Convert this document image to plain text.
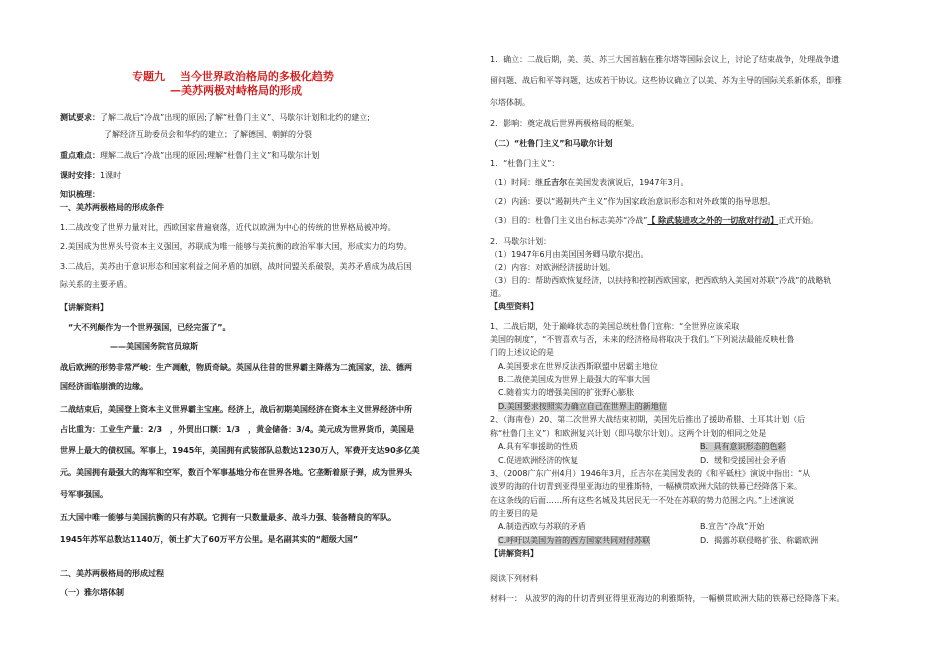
专题九　 当今世界政治格局的多极化趋势
—美苏两极对峙格局的形成
测试要求：了解二战后“冷战”出现的原因;了解“杜鲁门主义”、马歇尔计划和北约的建立;
了解经济互助委员会和华约的建立；了解德国、朝鲜的分裂
重点难点：理解二战后“冷战”出现的原因;理解“杜鲁门主义”和马歇尔计划
课时安排：1课时
知识梳理：
一、美苏两极格局的形成条件
1.二战改变了世界力量对比，西欧国家普遍衰落，近代以欧洲为中心的传统的世界格局被冲垮。
2.美国成为世界头号资本主义强国，苏联成为唯一能够与美抗衡的政治军事大国，形成实力的均势。
3.二战后，美苏由于意识形态和国家利益之间矛盾的加剧，战时同盟关系破裂，美苏矛盾成为战后国
际关系的主要矛盾。
【讲解资料】
“大不列颠作为一个世界强国，已经完蛋了”。
——美国国务院官员琼斯
战后欧洲的形势非常严峻：生产凋敝，物质奇缺。英国从往昔的世界霸主降落为二流国家，法、德两
国经济面临崩溃的边缘。
二战结束后，美国登上资本主义世界霸主宝座。经济上，战后初期美国经济在资本主义世界经济中所
占比重为：工业生产量：2/3　，外贸出口额：1/3　，黄金储备：3/4。美元成为世界货币，美国是
世界上最大的债权国。军事上，1945年，美国拥有武装部队总数达1230万人，军费开支达90多亿美
元。美国拥有最强大的海军和空军，数百个军事基地分布在世界各地。它垄断着原子弹，成为世界头
号军事强国。
五大国中唯一能够与美国抗衡的只有苏联。它拥有一只数量最多、战斗力强、装备精良的军队。
1945年苏军总数达1140万，领土扩大了60万平方公里。是名副其实的“超级大国”
二、美苏两极格局的形成过程
（一）雅尔塔体制
1．确立：二战后期，美、英、苏三大国首脑在雅尔塔等国际会议上，讨论了结束战争，处理战争遗
留问题、战后和平等问题，达成若干协议。这些协议确立了以美、苏为主导的国际关系新体系，即雅
尔塔体制。
2．影响：奠定战后世界两极格局的框架。
（二）“杜鲁门主义”和马歇尔计划
1．“杜鲁门主义”：
（1）时间：继丘吉尔在美国发表演说后，1947年3月。
（2）内涵：要以“遏制共产主义”作为国家政治意识形态和对外政策的指导思想。
（3）目的：杜鲁门主义出台标志美苏“冷战”【 除武装进攻之外的一切敌对行动】正式开始。
2．马歇尔计划：
（1）1947年6月由美国国务卿马歇尔提出。
（2）内容：对欧洲经济援助计划。
（3）目的：帮助西欧恢复经济，以扶持和控制西欧国家，把西欧纳入美国对苏联“冷战”的战略轨
道。
【典型资料】
1、二战后期，处于巅峰状态的美国总统杜鲁门宣称：“全世界应该采取
美国的制度”，“不管喜欢与否，未来的经济格局将取决于我们。”下列说法最能反映杜鲁
门的上述议论的是
A.美国要求在世界反法西斯联盟中居霸主地位
B.二战使美国成为世界上最强大的军事大国
C.随着实力的增强美国的扩张野心膨胀
D.美国要求按照实力确立自己在世界上的新地位
2、（海南卷）20、第二次世界大战结束初期，美国先后推出了援助希腊、土耳其计划（后
称“杜鲁门主义”）和欧洲复兴计划（即马歇尔计划）。这两个计划的相同之处是
A.具有军事援助的性质	B．具有意识形态的色彩
C.促进欧洲经济的恢复	D．缓和受援国社会矛盾
3、（2008广东广州4月）1946年3月，丘吉尔在美国发表的《和平砥柱》演说中指出：“从
波罗的海的什切青到亚得里亚海边的里雅斯特，一幅横贯欧洲大陆的铁幕已经降落下来。
在这条线的后面……所有这些名城及其居民无一不处在苏联的势力范围之内。”上述演说
的主要目的是
A.制造西欧与苏联的矛盾	B.宣告“冷战”开始
C.呼吁以美国为首的西方国家共同对付苏联	D．揭露苏联侵略扩张、称霸欧洲
【讲解资料】
阅读下列材料
材料一： 从波罗的海的什切青到亚得里亚海边的利雅斯特，一幅横贯欧洲大陆的铁幕已经降落下来。
